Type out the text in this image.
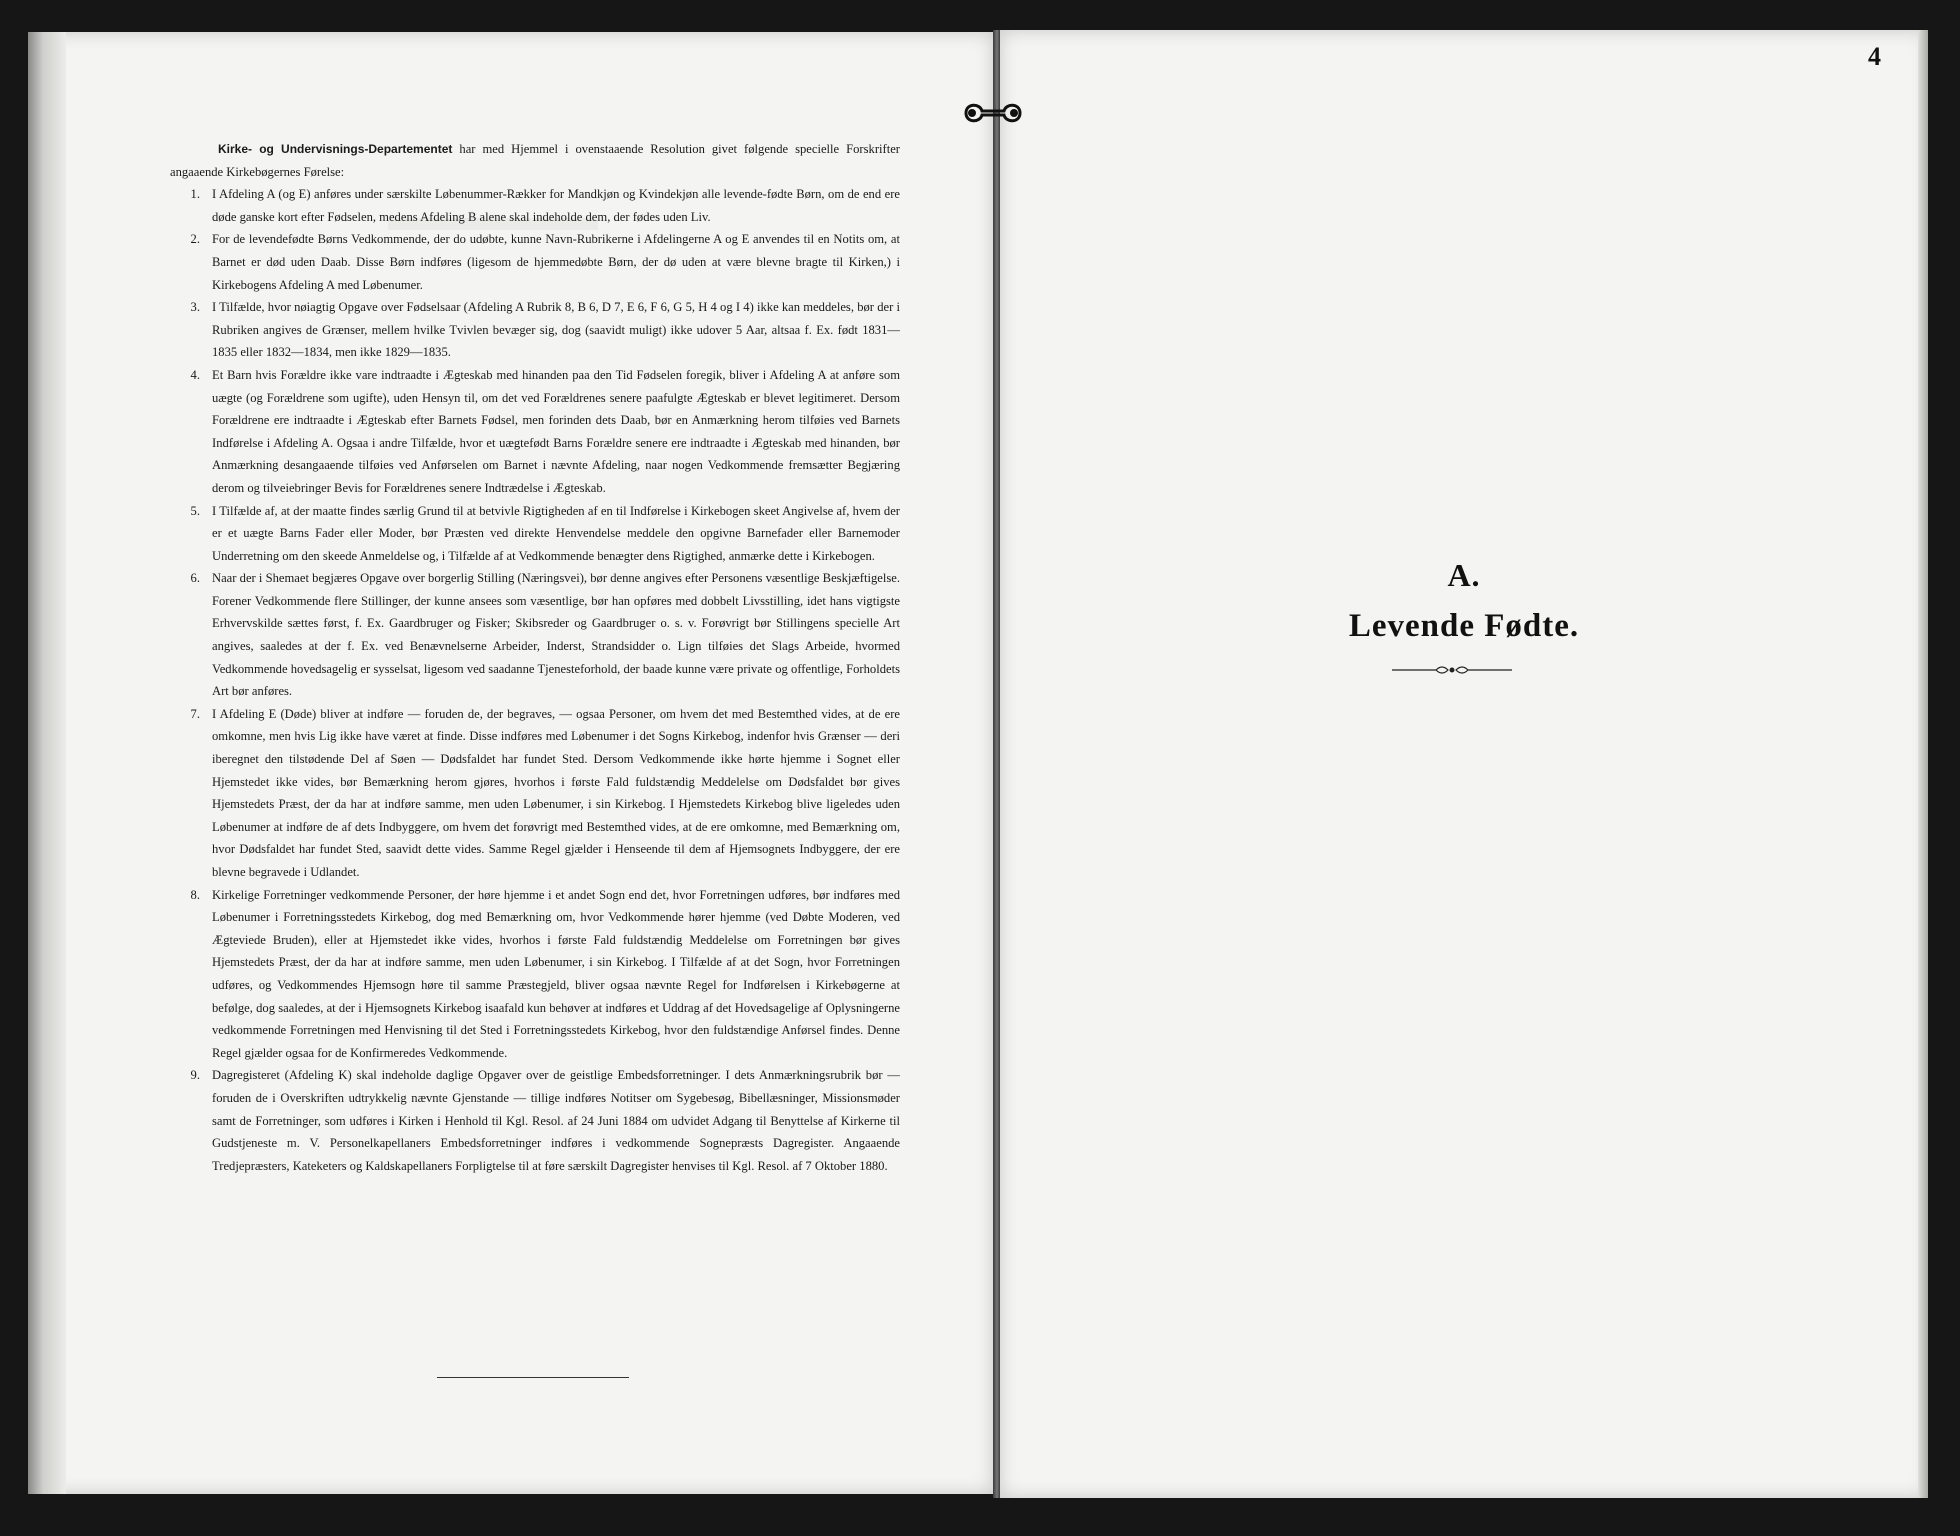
4

Kirke- og Undervisnings-Departementet har med Hjemmel i ovenstaaende Resolution givet følgende specielle Forskrifter angaaende Kirkebøgernes Førelse:

1. I Afdeling A (og E) anføres under særskilte Løbenummer-Rækker for Mandkjøn og Kvindekjøn alle levende-fødte Børn, om de end ere døde ganske kort efter Fødselen, medens Afdeling B alene skal indeholde dem, der fødes uden Liv.
2. For de levendefødte Børns Vedkommende, der do udøbte, kunne Navn-Rubrikerne i Afdelingerne A og E anvendes til en Notits om, at Barnet er død uden Daab. Disse Børn indføres (ligesom de hjemmedøbte Børn, der dø uden at være blevne bragte til Kirken,) i Kirkebogens Afdeling A med Løbenumer.
3. I Tilfælde, hvor nøiagtig Opgave over Fødselsaar (Afdeling A Rubrik 8, B 6, D 7, E 6, F 6, G 5, H 4 og I 4) ikke kan meddeles, bør der i Rubriken angives de Grænser, mellem hvilke Tvivlen bevæger sig, dog (saavidt muligt) ikke udover 5 Aar, altsaa f. Ex. født 1831—1835 eller 1832—1834, men ikke 1829—1835.
4. Et Barn hvis Forældre ikke vare indtraadte i Ægteskab med hinanden paa den Tid Fødselen foregik, bliver i Afdeling A at anføre som uægte (og Forældrene som ugifte), uden Hensyn til, om det ved Forældrenes senere paafulgte Ægteskab er blevet legitimeret. Dersom Forældrene ere indtraadte i Ægteskab efter Barnets Fødsel, men forinden dets Daab, bør en Anmærkning herom tilføies ved Barnets Indførelse i Afdeling A. Ogsaa i andre Tilfælde, hvor et uægtefødt Barns Forældre senere ere indtraadte i Ægteskab med hinanden, bør Anmærkning desangaaende tilføies ved Anførselen om Barnet i nævnte Afdeling, naar nogen Vedkommende fremsætter Begjæring derom og tilveiebringer Bevis for Forældrenes senere Indtrædelse i Ægteskab.
5. I Tilfælde af, at der maatte findes særlig Grund til at betvivle Rigtigheden af en til Indførelse i Kirkebogen skeet Angivelse af, hvem der er et uægte Barns Fader eller Moder, bør Præsten ved direkte Henvendelse meddele den opgivne Barnefader eller Barnemoder Underretning om den skeede Anmeldelse og, i Tilfælde af at Vedkommende benægter dens Rigtighed, anmærke dette i Kirkebogen.
6. Naar der i Shemaet begjæres Opgave over borgerlig Stilling (Næringsvei), bør denne angives efter Personens væsentlige Beskjæftigelse. Forener Vedkommende flere Stillinger, der kunne ansees som væsentlige, bør han opføres med dobbelt Livsstilling, idet hans vigtigste Erhvervskilde sættes først, f. Ex. Gaardbruger og Fisker; Skibsreder og Gaardbruger o. s. v. Forøvrigt bør Stillingens specielle Art angives, saaledes at der f. Ex. ved Benævnelserne Arbeider, Inderst, Strandsidder o. Lign tilføies det Slags Arbeide, hvormed Vedkommende hovedsagelig er sysselsat, ligesom ved saadanne Tjenesteforhold, der baade kunne være private og offentlige, Forholdets Art bør anføres.
7. I Afdeling E (Døde) bliver at indføre — foruden de, der begraves, — ogsaa Personer, om hvem det med Bestemthed vides, at de ere omkomne, men hvis Lig ikke have været at finde. Disse indføres med Løbenumer i det Sogns Kirkebog, indenfor hvis Grænser — deri iberegnet den tilstødende Del af Søen — Dødsfaldet har fundet Sted. Dersom Vedkommende ikke hørte hjemme i Sognet eller Hjemstedet ikke vides, bør Bemærkning herom gjøres, hvorhos i første Fald fuldstændig Meddelelse om Dødsfaldet bør gives Hjemstedets Præst, der da har at indføre samme, men uden Løbenumer, i sin Kirkebog. I Hjemstedets Kirkebog blive ligeledes uden Løbenumer at indføre de af dets Indbyggere, om hvem det forøvrigt med Bestemthed vides, at de ere omkomne, med Bemærkning om, hvor Dødsfaldet har fundet Sted, saavidt dette vides. Samme Regel gjælder i Henseende til dem af Hjemsognets Indbyggere, der ere blevne begravede i Udlandet.
8. Kirkelige Forretninger vedkommende Personer, der høre hjemme i et andet Sogn end det, hvor Forretningen udføres, bør indføres med Løbenumer i Forretningsstedets Kirkebog, dog med Bemærkning om, hvor Vedkommende hører hjemme (ved Døbte Moderen, ved Ægteviede Bruden), eller at Hjemstedet ikke vides, hvorhos i første Fald fuldstændig Meddelelse om Forretningen bør gives Hjemstedets Præst, der da har at indføre samme, men uden Løbenumer, i sin Kirkebog. I Tilfælde af at det Sogn, hvor Forretningen udføres, og Vedkommendes Hjemsogn høre til samme Præstegjeld, bliver ogsaa nævnte Regel for Indførelsen i Kirkebøgerne at befølge, dog saaledes, at der i Hjemsognets Kirkebog isaafald kun behøver at indføres et Uddrag af det Hovedsagelige af Oplysningerne vedkommende Forretningen med Henvisning til det Sted i Forretningsstedets Kirkebog, hvor den fuldstændige Anførsel findes. Denne Regel gjælder ogsaa for de Konfirmeredes Vedkommende.
9. Dagregisteret (Afdeling K) skal indeholde daglige Opgaver over de geistlige Embedsforretninger. I dets Anmærkningsrubrik bør — foruden de i Overskriften udtrykkelig nævnte Gjenstande — tillige indføres Notitser om Sygebesøg, Bibellæsninger, Missionsmøder samt de Forretninger, som udføres i Kirken i Henhold til Kgl. Resol. af 24 Juni 1884 om udvidet Adgang til Benyttelse af Kirkerne til Gudstjeneste m. V. Personelkapellaners Embedsforretninger indføres i vedkommende Sognepræsts Dagregister. Angaaende Tredjepræsters, Kateketers og Kaldskapellaners Forpligtelse til at føre særskilt Dagregister henvises til Kgl. Resol. af 7 Oktober 1880.
A.
Levende Fødte.
